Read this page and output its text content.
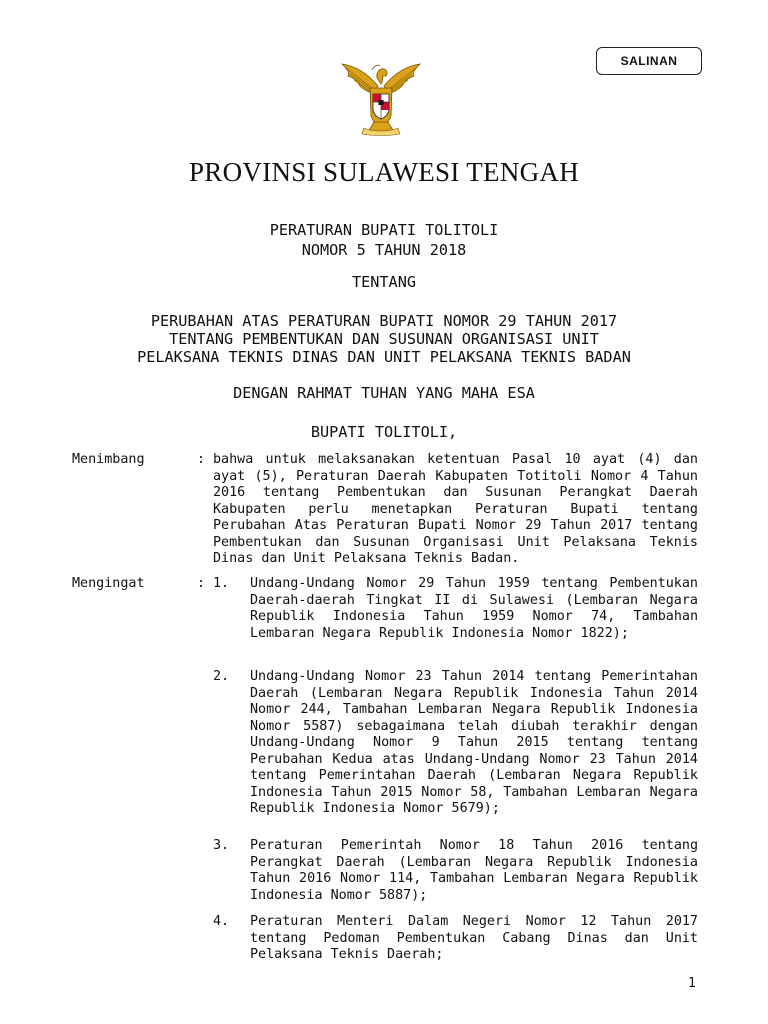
SALINAN
PROVINSI SULAWESI TENGAH
PERATURAN BUPATI TOLITOLI
NOMOR 5 TAHUN 2018
TENTANG
PERUBAHAN ATAS PERATURAN BUPATI NOMOR 29 TAHUN 2017
TENTANG PEMBENTUKAN DAN SUSUNAN ORGANISASI UNIT
PELAKSANA TEKNIS DINAS DAN UNIT PELAKSANA TEKNIS BADAN
DENGAN RAHMAT TUHAN YANG MAHA ESA
BUPATI TOLITOLI,
Menimbang	: bahwa untuk melaksanakan ketentuan Pasal 10 ayat (4) dan ayat (5), Peraturan Daerah Kabupaten Totitoli Nomor 4 Tahun 2016 tentang Pembentukan dan Susunan Perangkat Daerah Kabupaten perlu menetapkan Peraturan Bupati tentang Perubahan Atas Peraturan Bupati Nomor 29 Tahun 2017 tentang Pembentukan dan Susunan Organisasi Unit Pelaksana Teknis Dinas dan Unit Pelaksana Teknis Badan.
Mengingat	: 1. Undang-Undang Nomor 29 Tahun 1959 tentang Pembentukan Daerah-daerah Tingkat II di Sulawesi (Lembaran Negara Republik Indonesia Tahun 1959 Nomor 74, Tambahan Lembaran Negara Republik Indonesia Nomor 1822);
2. Undang-Undang Nomor 23 Tahun 2014 tentang Pemerintahan Daerah (Lembaran Negara Republik Indonesia Tahun 2014 Nomor 244, Tambahan Lembaran Negara Republik Indonesia Nomor 5587) sebagaimana telah diubah terakhir dengan Undang-Undang Nomor 9 Tahun 2015 tentang tentang Perubahan Kedua atas Undang-Undang Nomor 23 Tahun 2014 tentang Pemerintahan Daerah (Lembaran Negara Republik Indonesia Tahun 2015 Nomor 58, Tambahan Lembaran Negara Republik Indonesia Nomor 5679);
3. Peraturan Pemerintah Nomor 18 Tahun 2016 tentang Perangkat Daerah (Lembaran Negara Republik Indonesia Tahun 2016 Nomor 114, Tambahan Lembaran Negara Republik Indonesia Nomor 5887);
4. Peraturan Menteri Dalam Negeri Nomor 12 Tahun 2017 tentang Pedoman Pembentukan Cabang Dinas dan Unit Pelaksana Teknis Daerah;
1
